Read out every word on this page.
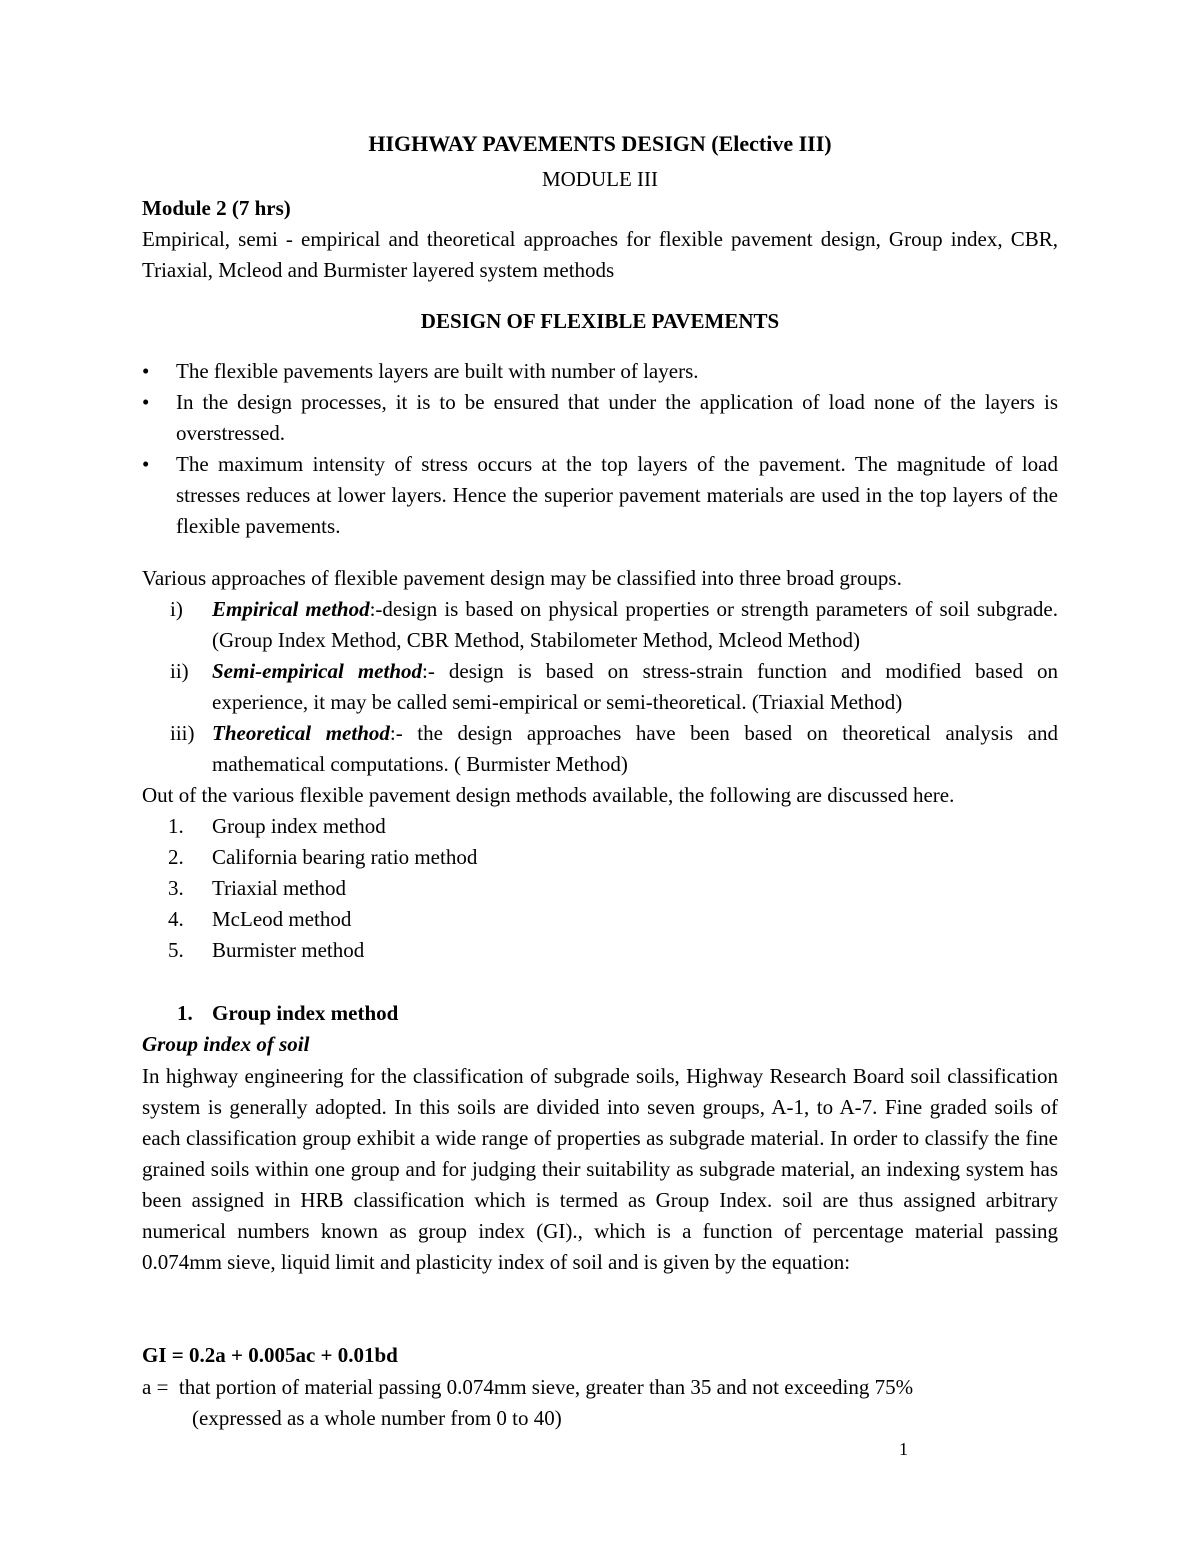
HIGHWAY PAVEMENTS DESIGN (Elective III)
MODULE III
Module 2 (7 hrs)
Empirical, semi - empirical and theoretical approaches for flexible pavement design, Group index, CBR, Triaxial, Mcleod and Burmister layered system methods
DESIGN OF FLEXIBLE PAVEMENTS
•	The flexible pavements layers are built with number of layers.
•	In the design processes, it is to be ensured that under the application of load none of the layers is overstressed.
•	The maximum intensity of stress occurs at the top layers of the pavement. The magnitude of load stresses reduces at lower layers. Hence the superior pavement materials are used in the top layers of the flexible pavements.
Various approaches of flexible pavement design may be classified into three broad groups.
i) Empirical method:-design is based on physical properties or strength parameters of soil subgrade.(Group Index Method, CBR Method, Stabilometer Method, Mcleod Method)
ii) Semi-empirical method:- design is based on stress-strain function and modified based on experience, it may be called semi-empirical or semi-theoretical. (Triaxial Method)
iii) Theoretical method:- the design approaches have been based on theoretical analysis and mathematical computations. ( Burmister Method)
Out of the various flexible pavement design methods available, the following are discussed here.
1. Group index method
2. California bearing ratio method
3. Triaxial method
4. McLeod method
5. Burmister method
1. Group index method
Group index of soil
In highway engineering for the classification of subgrade soils, Highway Research Board soil classification system is generally adopted. In this soils are divided into seven groups, A-1, to A-7. Fine graded soils of each classification group exhibit a wide range of properties as subgrade material. In order to classify the fine grained soils within one group and for judging their suitability as subgrade material, an indexing system has been assigned in HRB classification which is termed as Group Index. soil are thus assigned arbitrary numerical numbers known as group index (GI)., which is a function of percentage material passing 0.074mm sieve, liquid limit and plasticity index of soil and is given by the equation:
GI = 0.2a + 0.005ac + 0.01bd
a = that portion of material passing 0.074mm sieve, greater than 35 and not exceeding 75%
(expressed as a whole number from 0 to 40)
1
